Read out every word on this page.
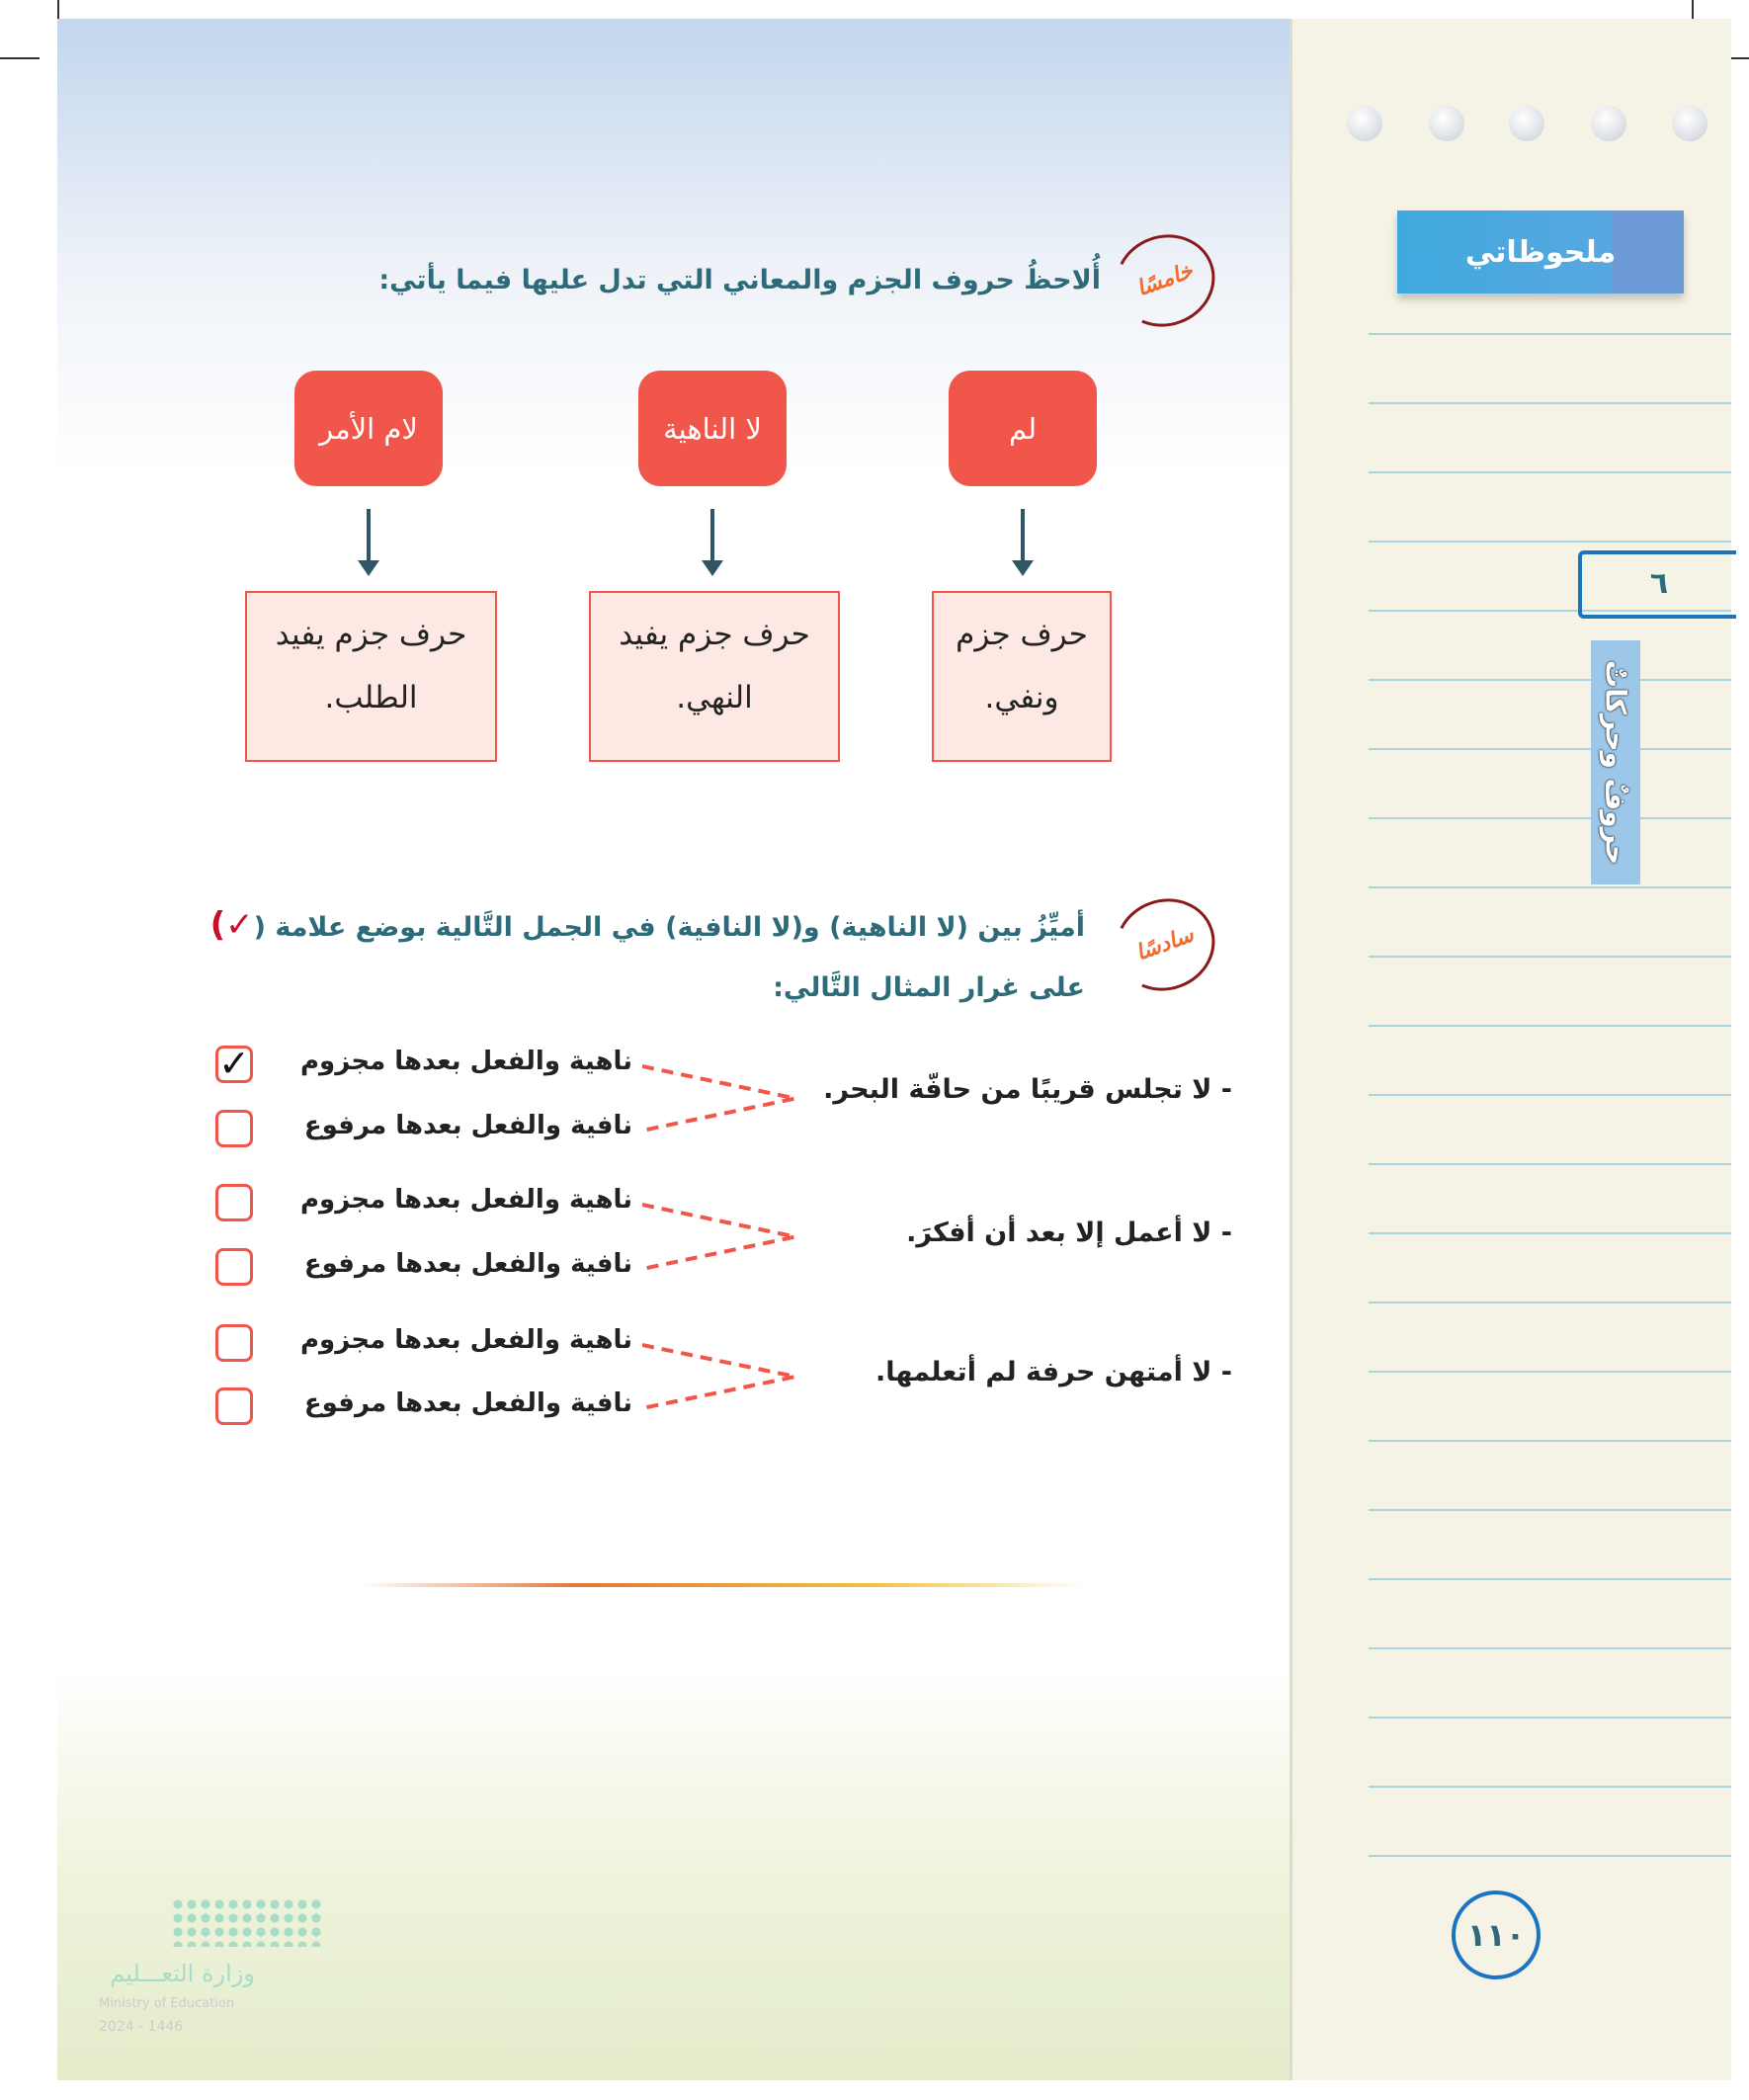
ملحوظاتي
٦
حروفٌ وحركاتٌ
١١٠
خامسًا
أُلاحظُ حروف الجزم والمعاني التي تدل عليها فيما يأتي:
لم
لا الناهية
لام الأمر
حرف جزم ونفي.
حرف جزم يفيد النهي.
حرف جزم يفيد الطلب.
سادسًا
أميِّزُ بين (لا الناهية) و(لا النافية) في الجمل التَّالية بوضع علامة (✓)
على غرار المثال التَّالي:
- لا تجلس قريبًا من حافّة البحر.
ناهية والفعل بعدها مجزوم
✓
نافية والفعل بعدها مرفوع
- لا أعمل إلا بعد أن أفكرَ.
ناهية والفعل بعدها مجزوم
نافية والفعل بعدها مرفوع
- لا أمتهن حرفة لم أتعلمها.
ناهية والفعل بعدها مجزوم
نافية والفعل بعدها مرفوع
وزارة التعـــليم
Ministry of Education
2024 - 1446
